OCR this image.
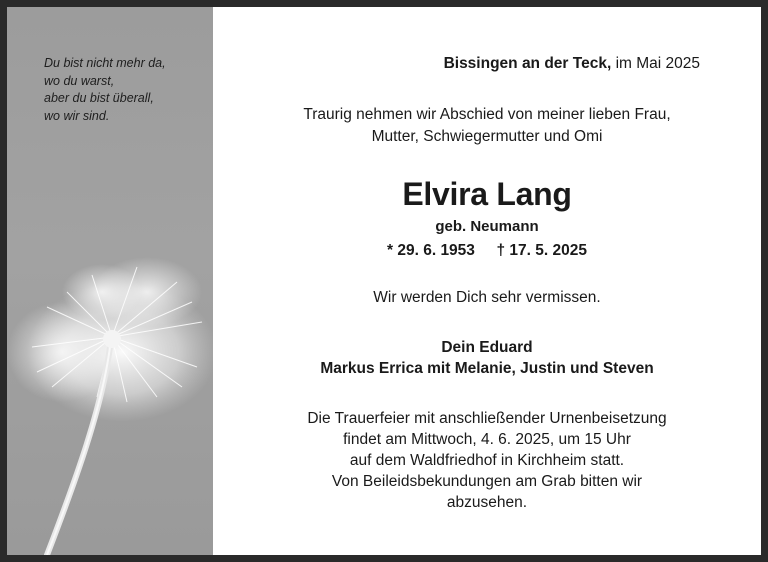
Du bist nicht mehr da,
wo du warst,
aber du bist überall,
wo wir sind.
Bissingen an der Teck, im Mai 2025
Traurig nehmen wir Abschied von meiner lieben Frau,
Mutter, Schwiegermutter und Omi
Elvira Lang
geb. Neumann
* 29. 6. 1953 † 17. 5. 2025
Wir werden Dich sehr vermissen.
Dein Eduard
Markus Errica mit Melanie, Justin und Steven
Die Trauerfeier mit anschließender Urnenbeisetzung
findet am Mittwoch, 4. 6. 2025, um 15 Uhr
auf dem Waldfriedhof in Kirchheim statt.
Von Beileidsbekundungen am Grab bitten wir
abzusehen.
